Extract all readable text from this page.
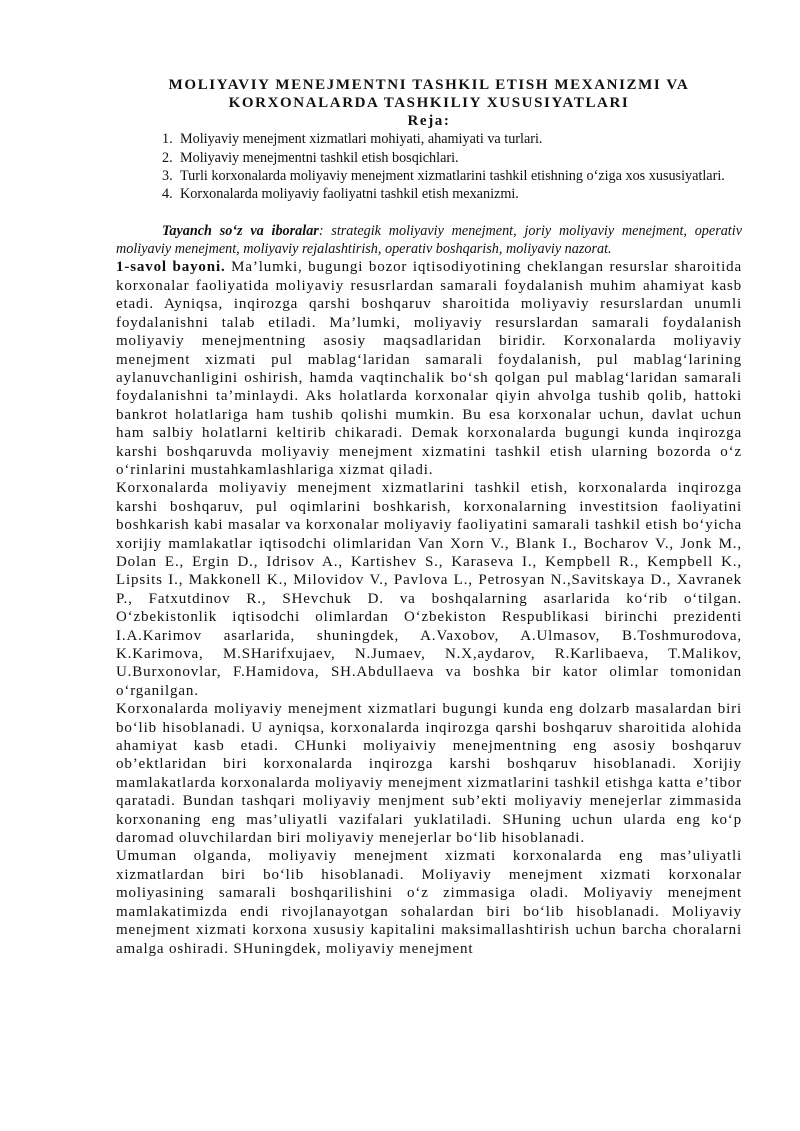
MOLIYAVIY MENEJMENTNI TASHKIL ETISH MEXANIZMI VA
KORXONALARDA TASHKILIY XUSUSIYATLARI

Reja:

1. Moliyaviy menejment xizmatlari mohiyati, ahamiyati va turlari.
2. Moliyaviy menejmentni tashkil etish bosqichlari.
3. Turli korxonalarda moliyaviy menejment xizmatlarini tashkil etishning o‘ziga xos xususiyatlari.
4. Korxonalarda moliyaviy faoliyatni tashkil etish mexanizmi.

Tayanch so‘z va iboralar: strategik moliyaviy menejment, joriy moliyaviy menejment, operativ moliyaviy menejment, moliyaviy rejalashtirish, operativ boshqarish, moliyaviy nazorat.

1-savol bayoni. Ma’lumki, bugungi bozor iqtisodiyotining cheklangan resurslar sharoitida korxonalar faoliyatida moliyaviy resusrlardan samarali foydalanish muhim ahamiyat kasb etadi. Ayniqsa, inqirozga qarshi boshqaruv sharoitida moliyaviy resurslardan unumli foydalanishni talab etiladi. Ma’lumki, moliyaviy resurslardan samarali foydalanish moliyaviy menejmentning asosiy maqsadlaridan biridir. Korxonalarda moliyaviy menejment xizmati pul mablag‘laridan samarali foydalanish, pul mablag‘larining aylanuvchanligini oshirish, hamda vaqtinchalik bo‘sh qolgan pul mablag‘laridan samarali foydalanishni ta’minlaydi. Aks holatlarda korxonalar qiyin ahvolga tushib qolib, hattoki bankrot holatlariga ham tushib qolishi mumkin. Bu esa korxonalar uchun, davlat uchun ham salbiy holatlarni keltirib chikaradi. Demak korxonalarda bugungi kunda inqirozga karshi boshqaruvda moliyaviy menejment xizmatini tashkil etish ularning bozorda o‘z o‘rinlarini mustahkamlashlariga xizmat qiladi.

Korxonalarda moliyaviy menejment xizmatlarini tashkil etish, korxonalarda inqirozga karshi boshqaruv, pul oqimlarini boshkarish, korxonalarning investitsion faoliyatini boshkarish kabi masalar va korxonalar moliyaviy faoliyatini samarali tashkil etish bo‘yicha xorijiy mamlakatlar iqtisodchi olimlaridan Van Xorn V., Blank I., Bocharov V., Jonk M., Dolan E., Ergin D., Idrisov A., Kartishev S., Karaseva I., Kempbell R., Kempbell K., Lipsits I., Makkonell K., Milovidov V., Pavlova L., Petrosyan N.,Savitskaya D., Xavranek P., Fatxutdinov R., SHevchuk D. va boshqalarning asarlarida ko‘rib o‘tilgan. O‘zbekistonlik iqtisodchi olimlardan O‘zbekiston Respublikasi birinchi prezidenti I.A.Karimov asarlarida, shuningdek, A.Vaxobov, A.Ulmasov, B.Toshmurodova, K.Karimova, M.SHarifxujaev, N.Jumaev, N.X,aydarov, R.Karlibaeva, T.Malikov, U.Burxonovlar, F.Hamidova, SH.Abdullaeva va boshka bir kator olimlar tomonidan o‘rganilgan.

Korxonalarda moliyaviy menejment xizmatlari bugungi kunda eng dolzarb masalardan biri bo‘lib hisoblanadi. U ayniqsa, korxonalarda inqirozga qarshi boshqaruv sharoitida alohida ahamiyat kasb etadi. CHunki moliyaiviy menejmentning eng asosiy boshqaruv ob’ektlaridan biri korxonalarda inqirozga karshi boshqaruv hisoblanadi. Xorijiy mamlakatlarda korxonalarda moliyaviy menejment xizmatlarini tashkil etishga katta e’tibor qaratadi. Bundan tashqari moliyaviy menjment sub’ekti moliyaviy menejerlar zimmasida korxonaning eng mas’uliyatli vazifalari yuklatiladi. SHuning uchun ularda eng ko‘p daromad oluvchilardan biri moliyaviy menejerlar bo‘lib hisoblanadi.

Umuman olganda, moliyaviy menejment xizmati korxonalarda eng mas’uliyatli xizmatlardan biri bo‘lib hisoblanadi. Moliyaviy menejment xizmati korxonalar moliyasining samarali boshqarilishini o‘z zimmasiga oladi. Moliyaviy menejment mamlakatimizda endi rivojlanayotgan sohalardan biri bo‘lib hisoblanadi. Moliyaviy menejment xizmati korxona xususiy kapitalini maksimallashtirish uchun barcha choralarni amalga oshiradi. SHuningdek, moliyaviy menejment
